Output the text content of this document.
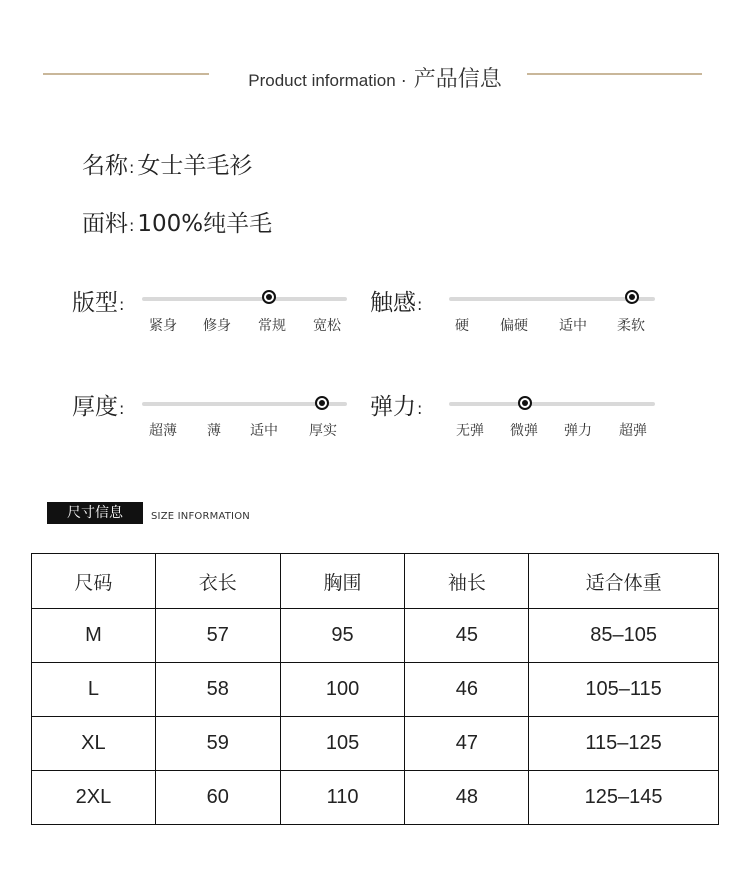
Product information · 产品信息
名称: 女士羊毛衫
面料: 100%纯羊毛
版型:
紧身 修身 常规 宽松
触感:
硬 偏硬 适中 柔软
厚度:
超薄 薄 适中 厚实
弹力:
无弹 微弹 弹力 超弹
尺寸信息	SIZE INFORMATION
尺码	衣长	胸围	袖长	适合体重
M	57	95	45	85–105
L	58	100	46	105–115
XL	59	105	47	115–125
2XL	60	110	48	125–145
